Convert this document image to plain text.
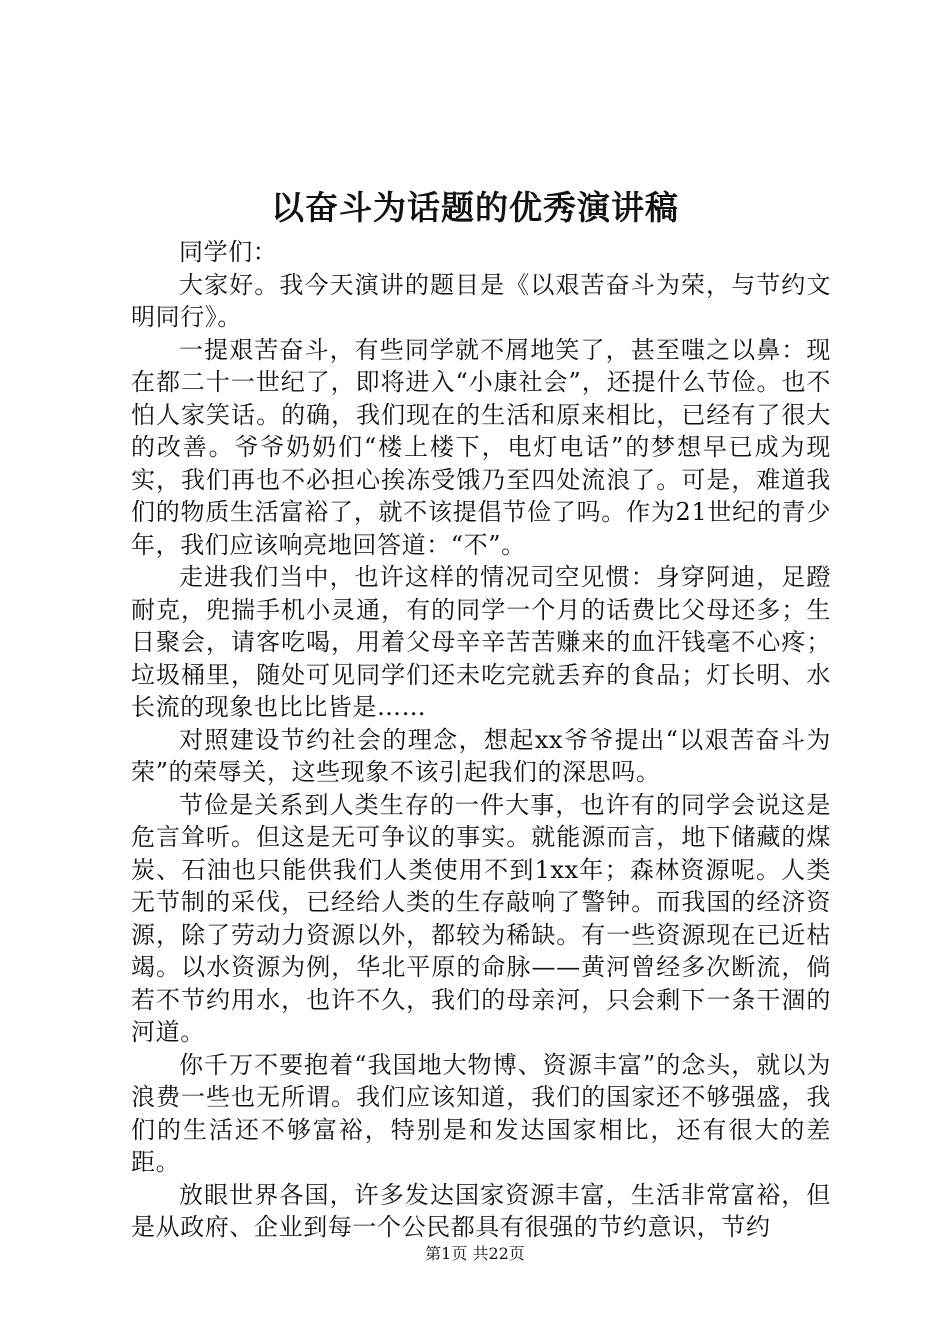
以奋斗为话题的优秀演讲稿

同学们：

大家好。我今天演讲的题目是《以艰苦奋斗为荣，与节约文明同行》。

一提艰苦奋斗，有些同学就不屑地笑了，甚至嗤之以鼻：现在都二十一世纪了，即将进入“小康社会”，还提什么节俭。也不怕人家笑话。的确，我们现在的生活和原来相比，已经有了很大的改善。爷爷奶奶们“楼上楼下，电灯电话”的梦想早已成为现实，我们再也不必担心挨冻受饿乃至四处流浪了。可是，难道我们的物质生活富裕了，就不该提倡节俭了吗。作为21世纪的青少年，我们应该响亮地回答道：“不”。

走进我们当中，也许这样的情况司空见惯：身穿阿迪，足蹬耐克，兜揣手机小灵通，有的同学一个月的话费比父母还多；生日聚会，请客吃喝，用着父母辛辛苦苦赚来的血汗钱毫不心疼；垃圾桶里，随处可见同学们还未吃完就丢弃的食品；灯长明、水长流的现象也比比皆是……

对照建设节约社会的理念，想起xx爷爷提出“以艰苦奋斗为荣”的荣辱关，这些现象不该引起我们的深思吗。

节俭是关系到人类生存的一件大事，也许有的同学会说这是危言耸听。但这是无可争议的事实。就能源而言，地下储藏的煤炭、石油也只能供我们人类使用不到1xx年；森林资源呢。人类无节制的采伐，已经给人类的生存敲响了警钟。而我国的经济资源，除了劳动力资源以外，都较为稀缺。有一些资源现在已近枯竭。以水资源为例，华北平原的命脉——黄河曾经多次断流，倘若不节约用水，也许不久，我们的母亲河，只会剩下一条干涸的河道。

你千万不要抱着“我国地大物博、资源丰富”的念头，就以为浪费一些也无所谓。我们应该知道，我们的国家还不够强盛，我们的生活还不够富裕，特别是和发达国家相比，还有很大的差距。

放眼世界各国，许多发达国家资源丰富，生活非常富裕，但是从政府、企业到每一个公民都具有很强的节约意识，节约

第1页 共22页
